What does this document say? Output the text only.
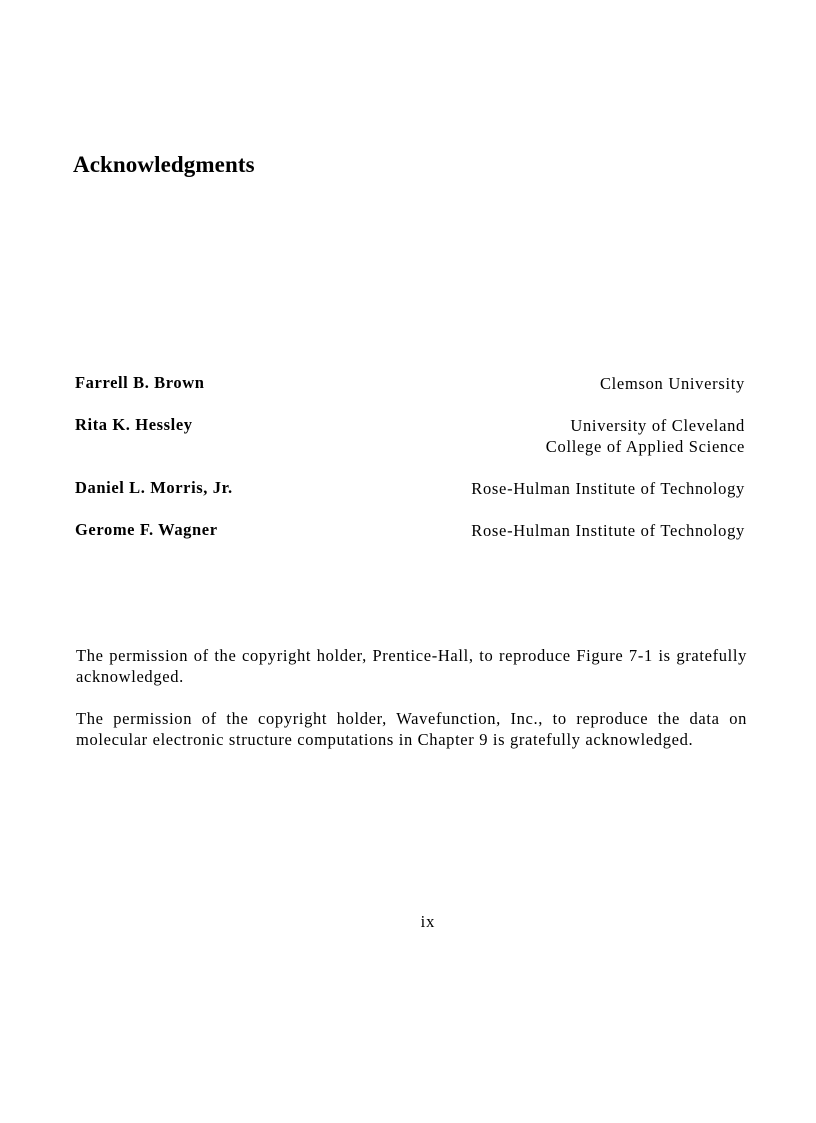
Acknowledgments
Farrell B. Brown	Clemson University
Rita K. Hessley	University of Cleveland
College of Applied Science
Daniel L. Morris, Jr.	Rose-Hulman Institute of Technology
Gerome F. Wagner	Rose-Hulman Institute of Technology

The permission of the copyright holder, Prentice-Hall, to reproduce Figure 7-1 is gratefully acknowledged.

The permission of the copyright holder, Wavefunction, Inc., to reproduce the data on molecular electronic structure computations in Chapter 9 is gratefully acknowledged.

ix
